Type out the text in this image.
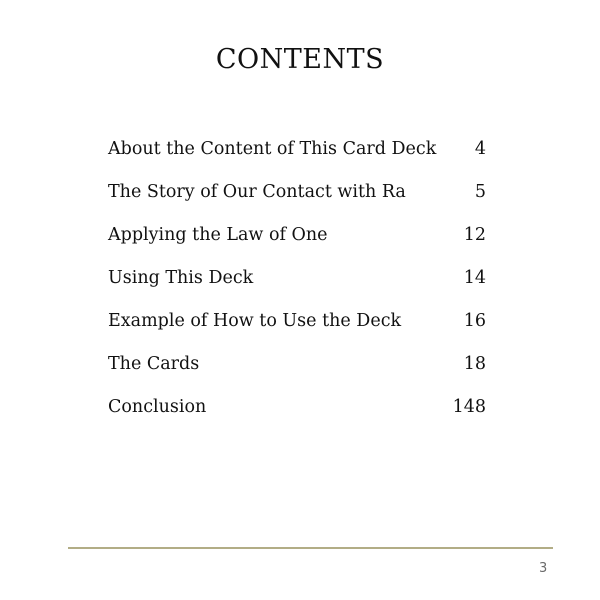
CONTENTS
About the Content of This Card Deck	4
The Story of Our Contact with Ra	5
Applying the Law of One	12
Using This Deck	14
Example of How to Use the Deck	16
The Cards	18
Conclusion	148
3
